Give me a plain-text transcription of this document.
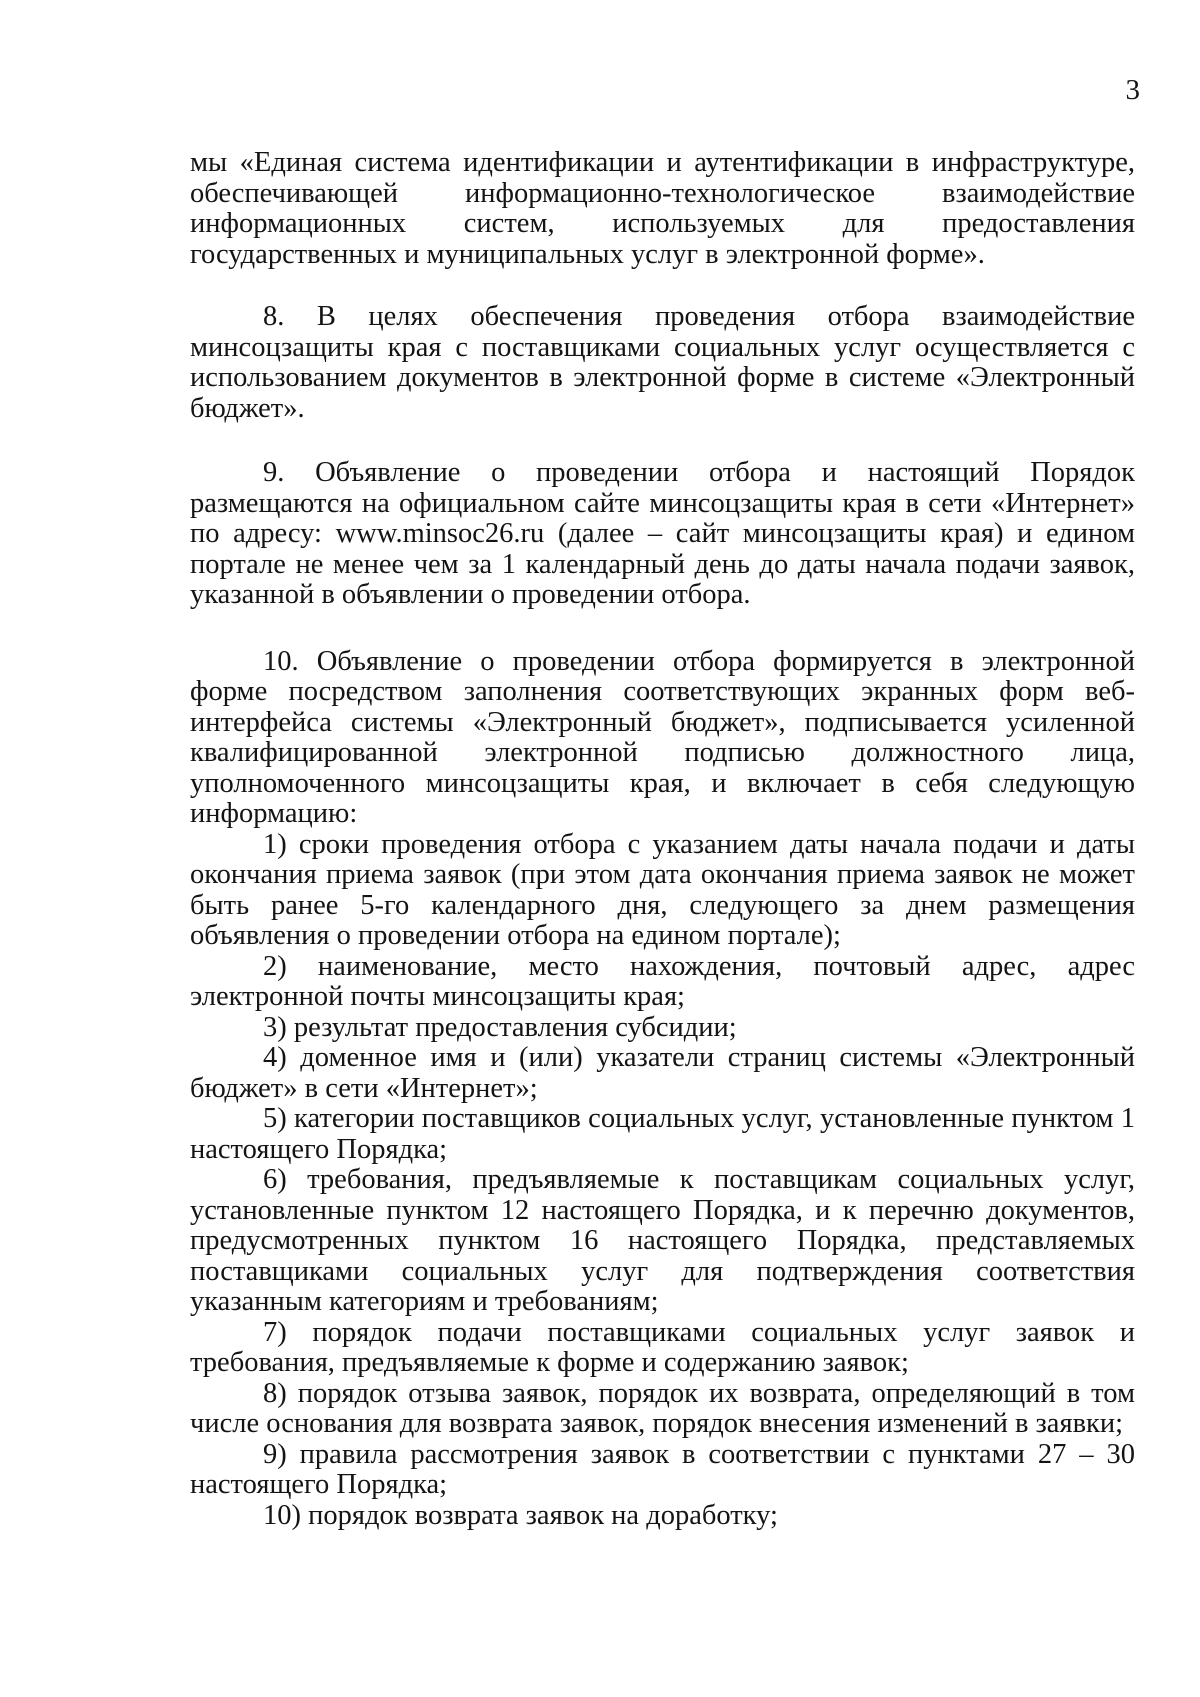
3

мы «Единая система идентификации и аутентификации в инфраструктуре, обеспечивающей информационно-технологическое взаимодействие информационных систем, используемых для предоставления государственных и муниципальных услуг в электронной форме».

8. В целях обеспечения проведения отбора взаимодействие минсоцзащиты края с поставщиками социальных услуг осуществляется с использованием документов в электронной форме в системе «Электронный бюджет».

9. Объявление о проведении отбора и настоящий Порядок размещаются на официальном сайте минсоцзащиты края в сети «Интернет» по адресу: www.minsoc26.ru (далее – сайт минсоцзащиты края) и едином портале не менее чем за 1 календарный день до даты начала подачи заявок, указанной в объявлении о проведении отбора.

10. Объявление о проведении отбора формируется в электронной форме посредством заполнения соответствующих экранных форм веб-интерфейса системы «Электронный бюджет», подписывается усиленной квалифицированной электронной подписью должностного лица, уполномоченного минсоцзащиты края, и включает в себя следующую информацию:

1) сроки проведения отбора с указанием даты начала подачи и даты окончания приема заявок (при этом дата окончания приема заявок не может быть ранее 5-го календарного дня, следующего за днем размещения объявления о проведении отбора на едином портале);

2) наименование, место нахождения, почтовый адрес, адрес электронной почты минсоцзащиты края;

3) результат предоставления субсидии;

4) доменное имя и (или) указатели страниц системы «Электронный бюджет» в сети «Интернет»;

5) категории поставщиков социальных услуг, установленные пунктом 1 настоящего Порядка;

6) требования, предъявляемые к поставщикам социальных услуг, установленные пунктом 12 настоящего Порядка, и к перечню документов, предусмотренных пунктом 16 настоящего Порядка, представляемых поставщиками социальных услуг для подтверждения соответствия указанным категориям и требованиям;

7) порядок подачи поставщиками социальных услуг заявок и требования, предъявляемые к форме и содержанию заявок;

8) порядок отзыва заявок, порядок их возврата, определяющий в том числе основания для возврата заявок, порядок внесения изменений в заявки;

9) правила рассмотрения заявок в соответствии с пунктами 27 – 30 настоящего Порядка;

10) порядок возврата заявок на доработку;
